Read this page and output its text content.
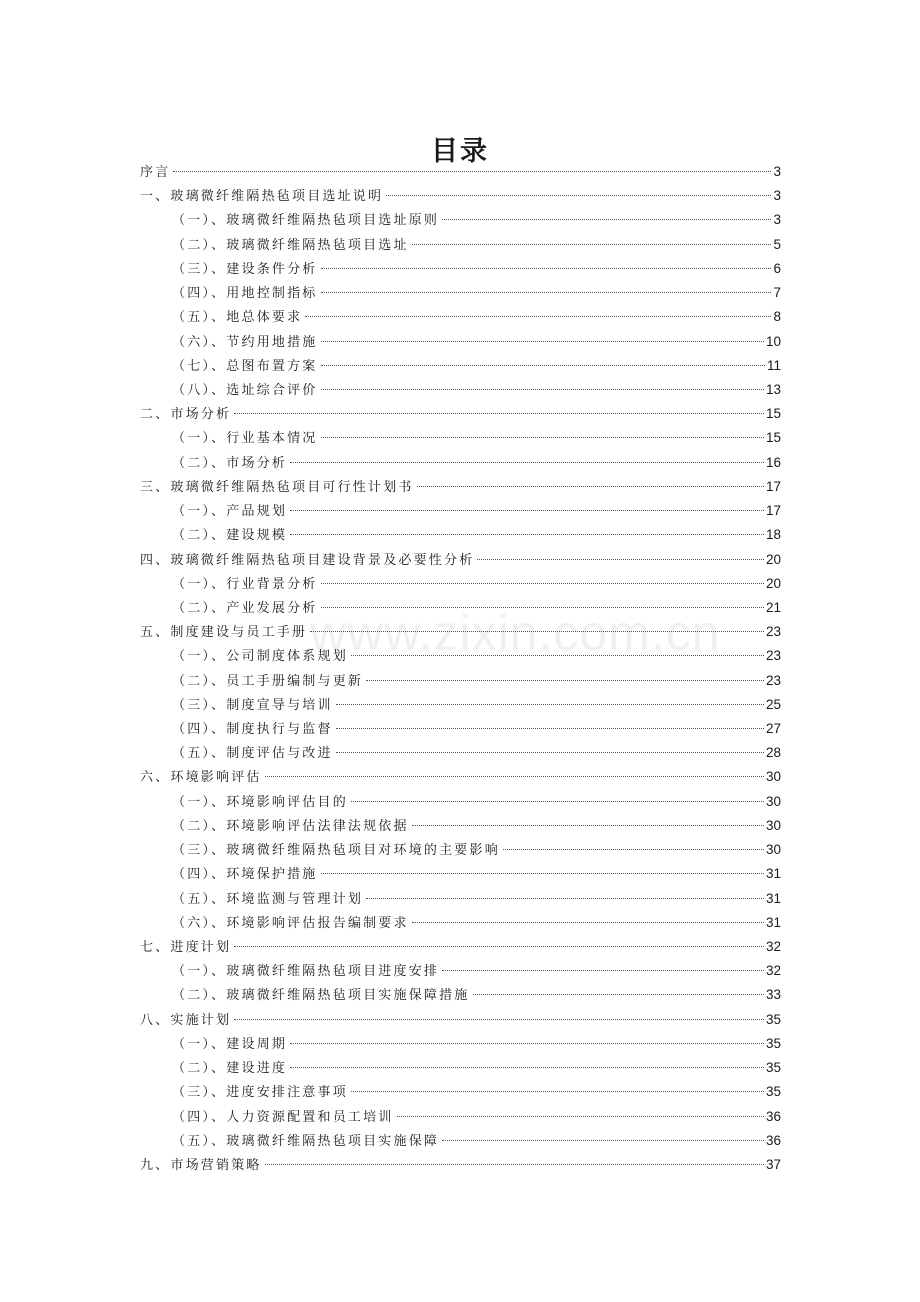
www.zixin.com.cn
目录
序言	3
一、玻璃微纤维隔热毡项目选址说明	3
（一）、玻璃微纤维隔热毡项目选址原则	3
（二）、玻璃微纤维隔热毡项目选址	5
（三）、建设条件分析	6
（四）、用地控制指标	7
（五）、地总体要求	8
（六）、节约用地措施	10
（七）、总图布置方案	11
（八）、选址综合评价	13
二、市场分析	15
（一）、行业基本情况	15
（二）、市场分析	16
三、玻璃微纤维隔热毡项目可行性计划书	17
（一）、产品规划	17
（二）、建设规模	18
四、玻璃微纤维隔热毡项目建设背景及必要性分析	20
（一）、行业背景分析	20
（二）、产业发展分析	21
五、制度建设与员工手册	23
（一）、公司制度体系规划	23
（二）、员工手册编制与更新	23
（三）、制度宣导与培训	25
（四）、制度执行与监督	27
（五）、制度评估与改进	28
六、环境影响评估	30
（一）、环境影响评估目的	30
（二）、环境影响评估法律法规依据	30
（三）、玻璃微纤维隔热毡项目对环境的主要影响	30
（四）、环境保护措施	31
（五）、环境监测与管理计划	31
（六）、环境影响评估报告编制要求	31
七、进度计划	32
（一）、玻璃微纤维隔热毡项目进度安排	32
（二）、玻璃微纤维隔热毡项目实施保障措施	33
八、实施计划	35
（一）、建设周期	35
（二）、建设进度	35
（三）、进度安排注意事项	35
（四）、人力资源配置和员工培训	36
（五）、玻璃微纤维隔热毡项目实施保障	36
九、市场营销策略	37
